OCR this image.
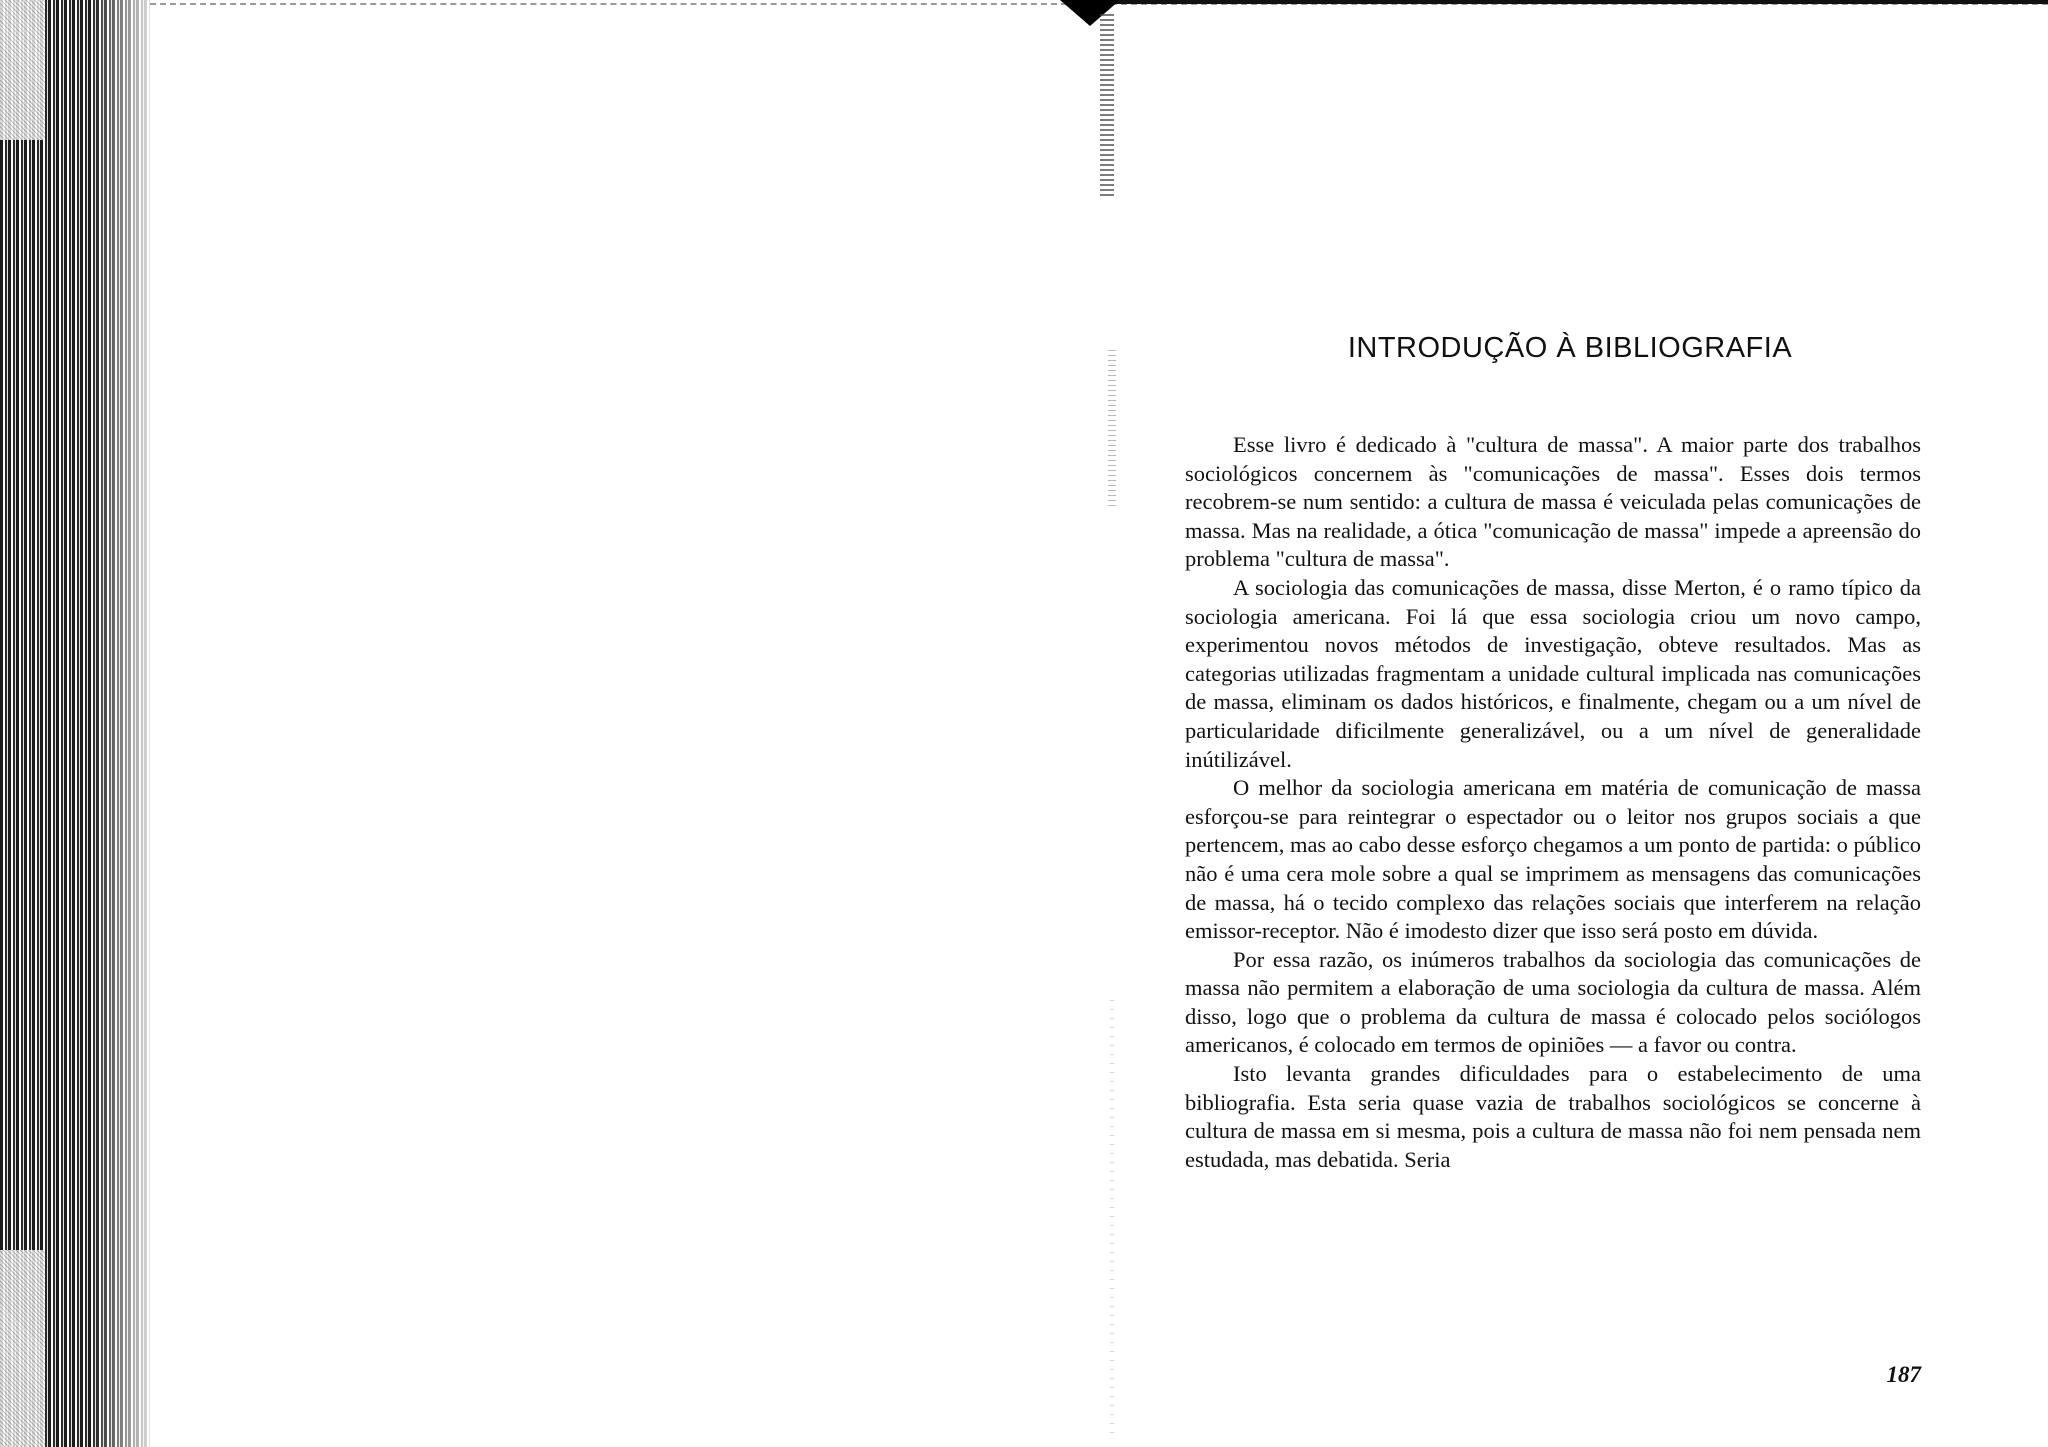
INTRODUÇÃO À BIBLIOGRAFIA

Esse livro é dedicado à "cultura de massa". A maior parte dos trabalhos sociológicos concernem às "comunicações de massa". Esses dois termos recobrem-se num sentido: a cultura de massa é veiculada pelas comunicações de massa. Mas na realidade, a ótica "comunicação de massa" impede a apreensão do problema "cultura de massa".

A sociologia das comunicações de massa, disse Merton, é o ramo típico da sociologia americana. Foi lá que essa sociologia criou um novo campo, experimentou novos métodos de investigação, obteve resultados. Mas as categorias utilizadas fragmentam a unidade cultural implicada nas comunicações de massa, eliminam os dados históricos, e finalmente, chegam ou a um nível de particularidade dificilmente generalizável, ou a um nível de generalidade inútilizável.

O melhor da sociologia americana em matéria de comunicação de massa esforçou-se para reintegrar o espectador ou o leitor nos grupos sociais a que pertencem, mas ao cabo desse esforço chegamos a um ponto de partida: o público não é uma cera mole sobre a qual se imprimem as mensagens das comunicações de massa, há o tecido complexo das relações sociais que interferem na relação emissor-receptor. Não é imodesto dizer que isso será posto em dúvida.

Por essa razão, os inúmeros trabalhos da sociologia das comunicações de massa não permitem a elaboração de uma sociologia da cultura de massa. Além disso, logo que o problema da cultura de massa é colocado pelos sociólogos americanos, é colocado em termos de opiniões — a favor ou contra.

Isto levanta grandes dificuldades para o estabelecimento de uma bibliografia. Esta seria quase vazia de trabalhos sociológicos se concerne à cultura de massa em si mesma, pois a cultura de massa não foi nem pensada nem estudada, mas debatida. Seria

187
